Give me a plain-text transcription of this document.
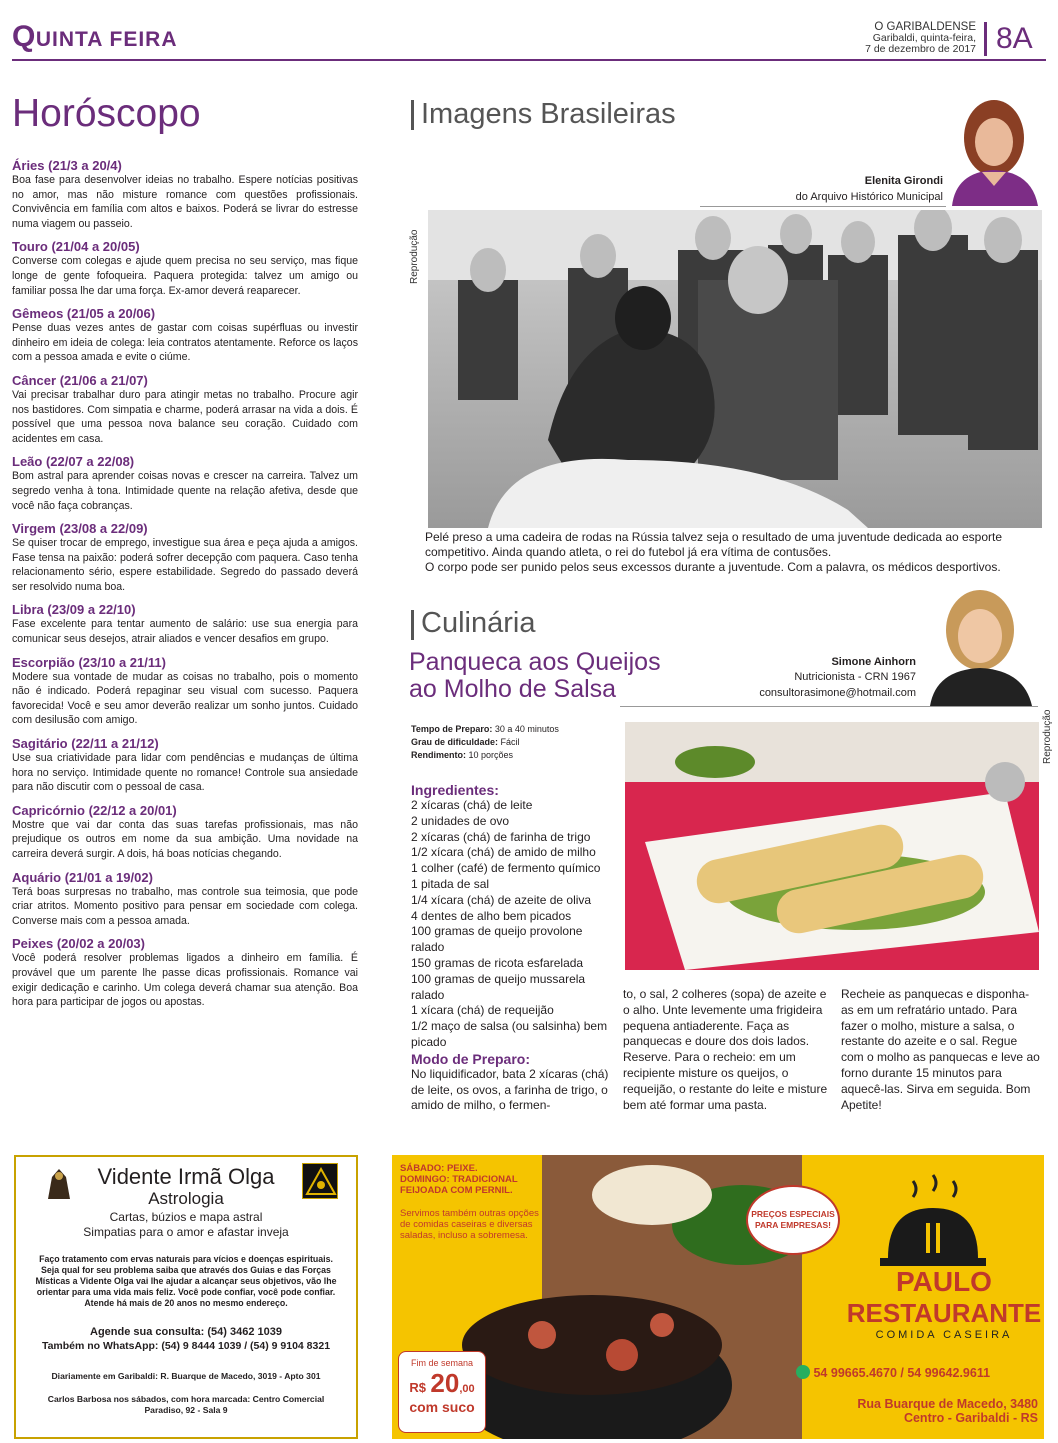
QUINTA FEIRA
O GARIBALDENSE
Garibaldi, quinta-feira,
7 de dezembro de 2017 8A
Horóscopo
Áries (21/3 a 20/4)
Boa fase para desenvolver ideias no trabalho. Espere notícias positivas no amor, mas não misture romance com questões profissionais. Convivência em família com altos e baixos. Poderá se livrar do estresse numa viagem ou passeio.
Touro (21/04 a 20/05)
Converse com colegas e ajude quem precisa no seu serviço, mas fique longe de gente fofoqueira. Paquera protegida: talvez um amigo ou familiar possa lhe dar uma força. Ex-amor deverá reaparecer.
Gêmeos (21/05 a 20/06)
Pense duas vezes antes de gastar com coisas supérfluas ou investir dinheiro em ideia de colega: leia contratos atentamente. Reforce os laços com a pessoa amada e evite o ciúme.
Câncer (21/06 a 21/07)
Vai precisar trabalhar duro para atingir metas no trabalho. Procure agir nos bastidores. Com simpatia e charme, poderá arrasar na vida a dois. É possível que uma pessoa nova balance seu coração. Cuidado com acidentes em casa.
Leão (22/07 a 22/08)
Bom astral para aprender coisas novas e crescer na carreira. Talvez um segredo venha à tona. Intimidade quente na relação afetiva, desde que você não faça cobranças.
Virgem (23/08 a 22/09)
Se quiser trocar de emprego, investigue sua área e peça ajuda a amigos. Fase tensa na paixão: poderá sofrer decepção com paquera. Caso tenha relacionamento sério, espere estabilidade. Segredo do passado deverá ser resolvido numa boa.
Libra (23/09 a 22/10)
Fase excelente para tentar aumento de salário: use sua energia para comunicar seus desejos, atrair aliados e vencer desafios em grupo.
Escorpião (23/10 a 21/11)
Modere sua vontade de mudar as coisas no trabalho, pois o momento não é indicado. Poderá repaginar seu visual com sucesso. Paquera favorecida! Você e seu amor deverão realizar um sonho juntos. Cuidado com desilusão com amigo.
Sagitário (22/11 a 21/12)
Use sua criatividade para lidar com pendências e mudanças de última hora no serviço. Intimidade quente no romance! Controle sua ansiedade para não discutir com o pessoal de casa.
Capricórnio (22/12 a 20/01)
Mostre que vai dar conta das suas tarefas profissionais, mas não prejudique os outros em nome da sua ambição. Uma novidade na carreira deverá surgir. A dois, há boas notícias chegando.
Aquário (21/01 a 19/02)
Terá boas surpresas no trabalho, mas controle sua teimosia, que pode criar atritos. Momento positivo para pensar em sociedade com colega. Converse mais com a pessoa amada.
Peixes (20/02 a 20/03)
Você poderá resolver problemas ligados a dinheiro em família. É provável que um parente lhe passe dicas profissionais. Romance vai exigir dedicação e carinho. Um colega deverá chamar sua atenção. Boa hora para participar de jogos ou apostas.
Imagens Brasileiras
Elenita Girondi
do Arquivo Histórico Municipal
Reprodução
Pelé preso a uma cadeira de rodas na Rússia talvez seja o resultado de uma juventude dedicada ao esporte competitivo. Ainda quando atleta, o rei do futebol já era vítima de contusões.
O corpo pode ser punido pelos seus excessos durante a juventude. Com a palavra, os médicos desportivos.
Culinária
Panqueca aos Queijos
ao Molho de Salsa
Simone Ainhorn
Nutricionista - CRN 1967
consultorasimone@hotmail.com
Reprodução
Tempo de Preparo: 30 a 40 minutos
Grau de dificuldade: Fácil
Rendimento: 10 porções
Ingredientes:
2 xícaras (chá) de leite
2 unidades de ovo
2 xícaras (chá) de farinha de trigo
1/2 xícara (chá) de amido de milho
1 colher (café) de fermento químico
1 pitada de sal
1/4 xícara (chá) de azeite de oliva
4 dentes de alho bem picados
100 gramas de queijo provolone ralado
150 gramas de ricota esfarelada
100 gramas de queijo mussarela ralado
1 xícara (chá) de requeijão
1/2 maço de salsa (ou salsinha) bem picado
Modo de Preparo:
No liquidificador, bata 2 xícaras (chá) de leite, os ovos, a farinha de trigo, o amido de milho, o fermen-
to, o sal, 2 colheres (sopa) de azeite e o alho. Unte levemente uma frigideira pequena antiaderente. Faça as panquecas e doure dos dois lados. Reserve. Para o recheio: em um recipiente misture os queijos, o requeijão, o restante do leite e misture bem até formar uma pasta.
Recheie as panquecas e disponha-as em um refratário untado. Para fazer o molho, misture a salsa, o restante do azeite e o sal. Regue com o molho as panquecas e leve ao forno durante 15 minutos para aquecê-las. Sirva em seguida. Bom Apetite!
Vidente Irmã Olga
Astrologia
Cartas, búzios e mapa astral
Simpatias para o amor e afastar inveja
Faço tratamento com ervas naturais para vícios e doenças espirituais. Seja qual for seu problema saiba que através dos Guias e das Forças Místicas a Vidente Olga vai lhe ajudar a alcançar seus objetivos, vão lhe orientar para uma vida mais feliz. Você pode confiar, você pode confiar. Atende há mais de 20 anos no mesmo endereço.
Agende sua consulta: (54) 3462 1039
Também no WhatsApp: (54) 9 8444 1039 / (54) 9 9104 8321
Diariamente em Garibaldi: R. Buarque de Macedo, 3019 - Apto 301
Carlos Barbosa nos sábados, com hora marcada: Centro Comercial Paradiso, 92 - Sala 9
SÁBADO: PEIXE.
DOMINGO: TRADICIONAL FEIJOADA COM PERNIL.
Servimos também outras opções de comidas caseiras e diversas saladas, incluso a sobremesa.
PREÇOS ESPECIAIS PARA EMPRESAS!
Fim de semana
R$ 20,00
com suco
PAULO
RESTAURANTE
COMIDA CASEIRA
54 99665.4670 / 54 99642.9611
Rua Buarque de Macedo, 3480
Centro - Garibaldi - RS
